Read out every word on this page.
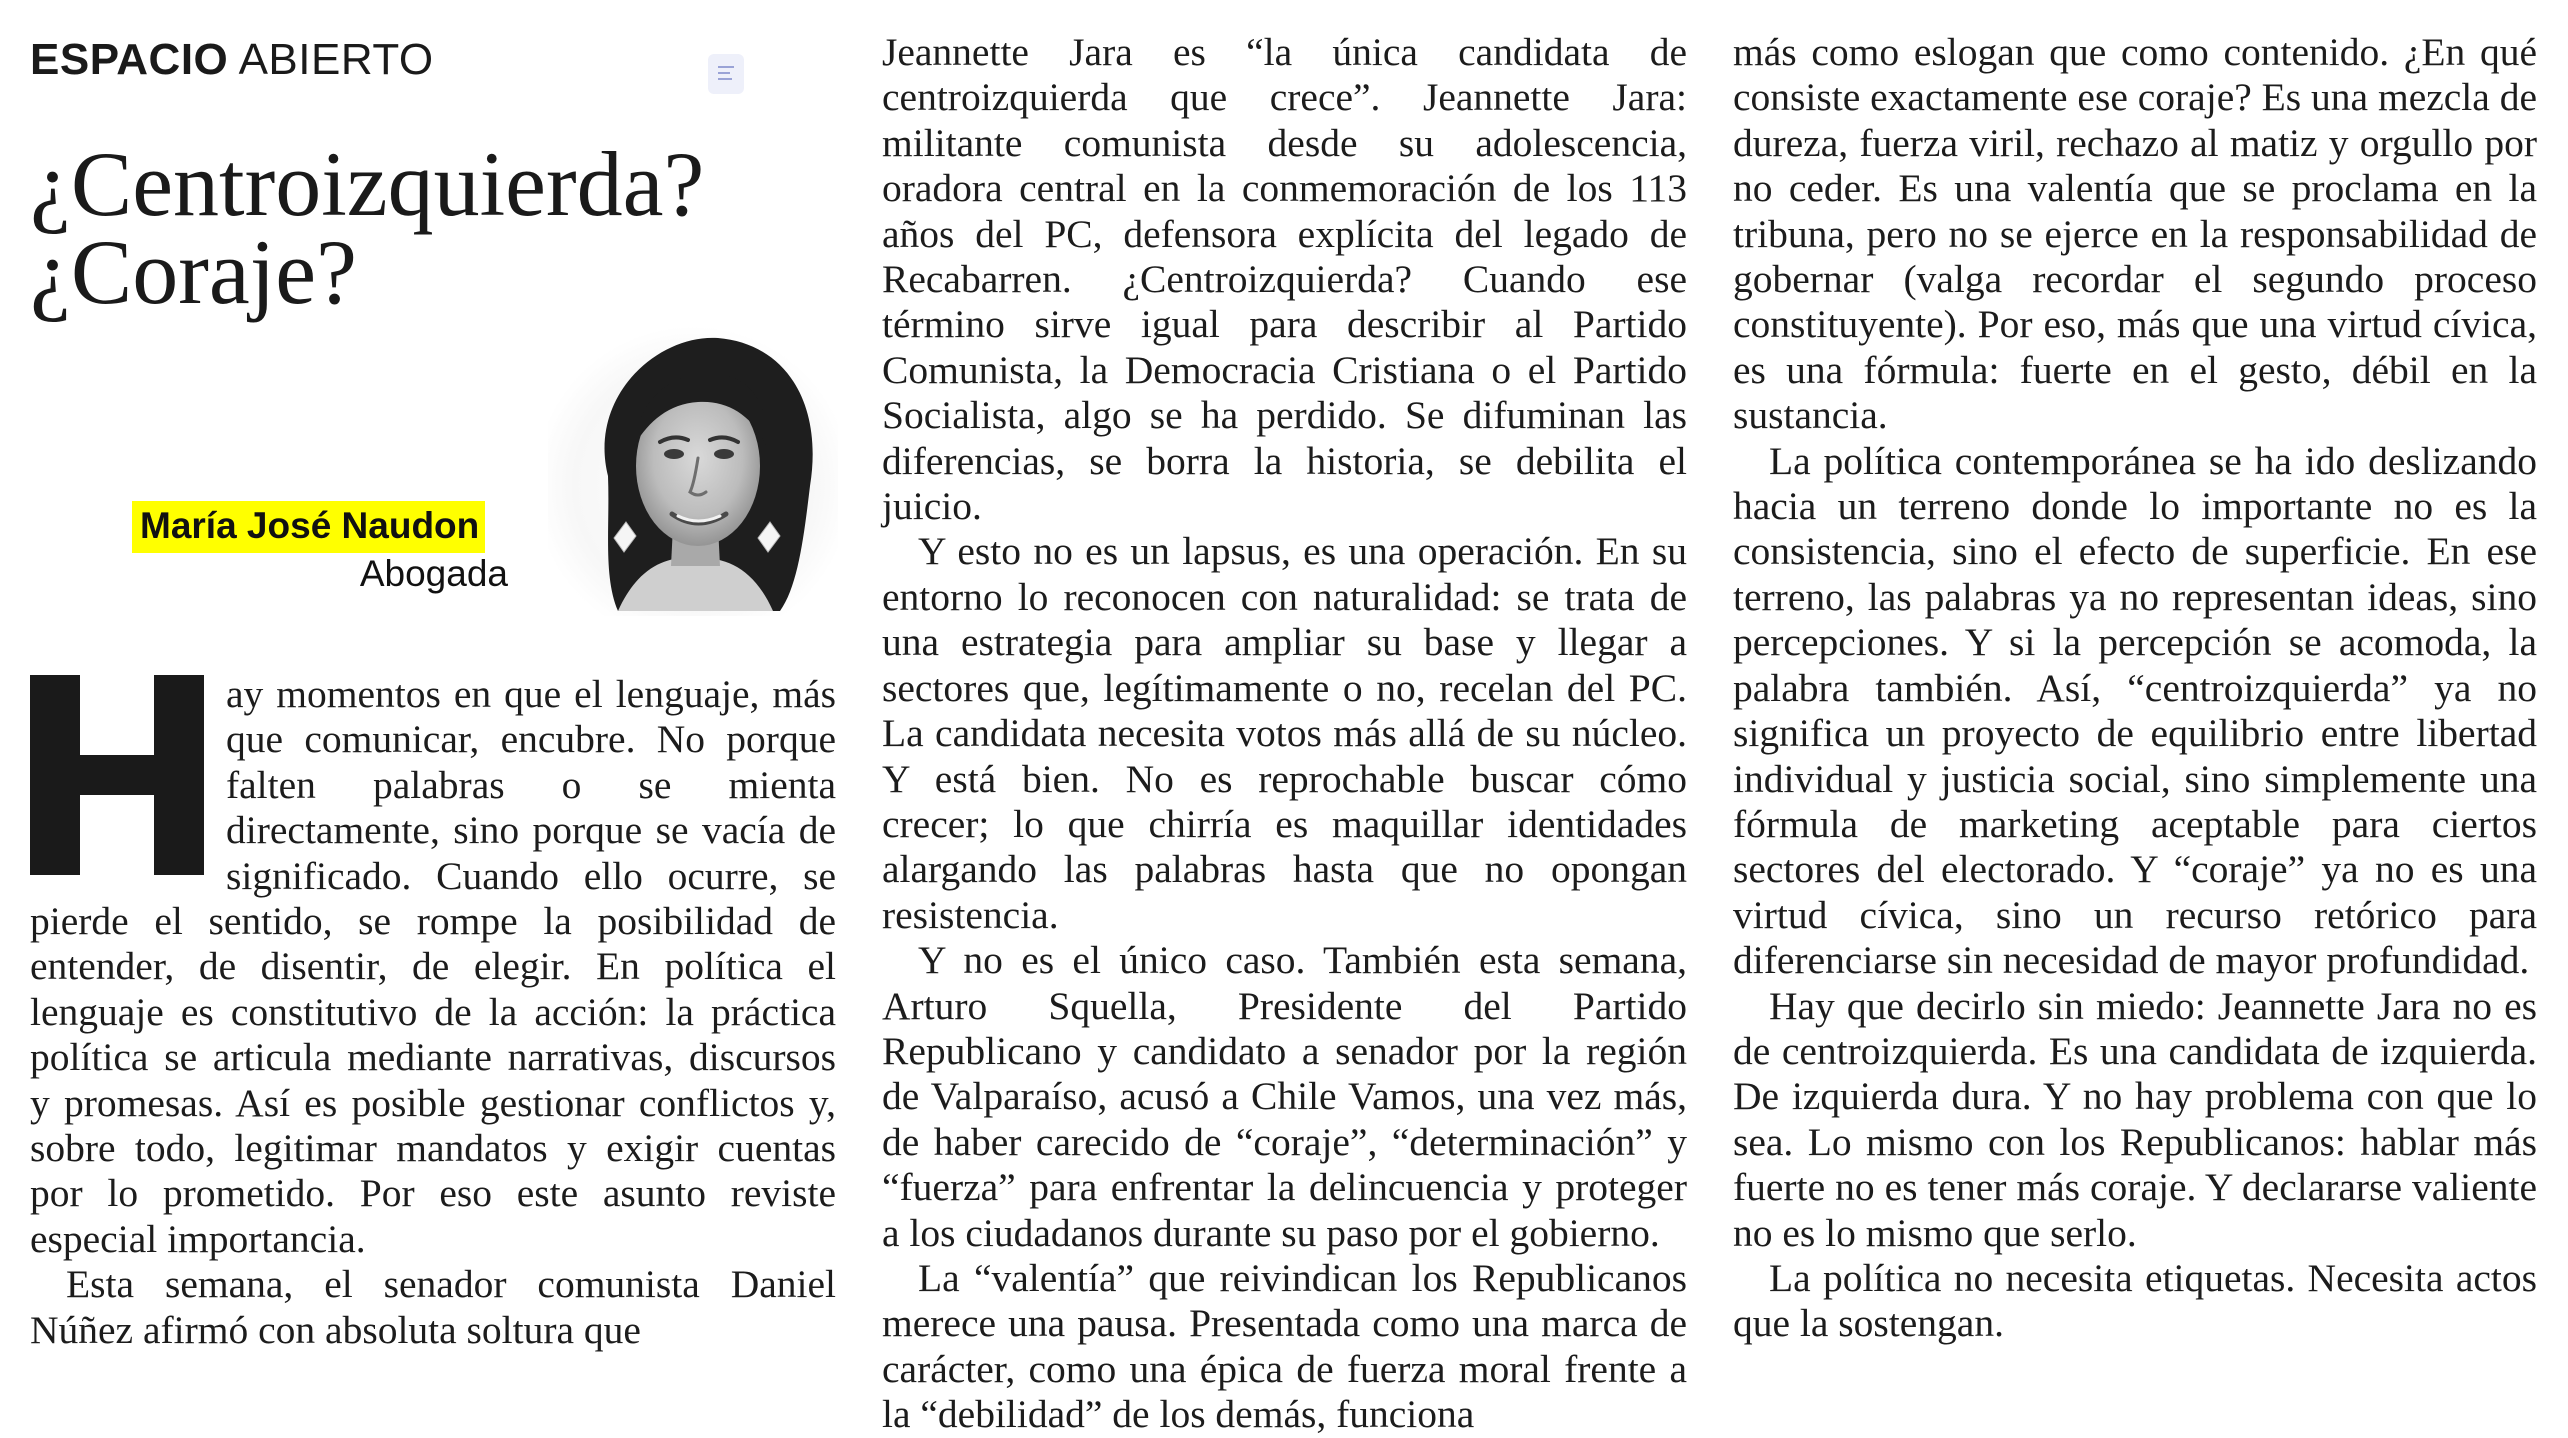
ESPACIO ABIERTO
¿Centroizquierda? ¿Coraje?
María José Naudon
Abogada

ay momentos en que el lenguaje, más que comunicar, encubre. No porque falten palabras o se mienta directamente, sino porque se vacía de significado. Cuando ello ocurre, se pierde el sentido, se rompe la posibilidad de entender, de disentir, de elegir. En política el lenguaje es constitutivo de la acción: la práctica política se articula mediante narrativas, discursos y promesas. Así es posible gestionar conflictos y, sobre todo, legitimar mandatos y exigir cuentas por lo prometido. Por eso este asunto reviste especial importancia.

Esta semana, el senador comunista Daniel Núñez afirmó con absoluta soltura que

Jeannette Jara es “la única candidata de centroizquierda que crece”. Jeannette Jara: militante comunista desde su adolescencia, oradora central en la conmemoración de los 113 años del PC, defensora explícita del legado de Recabarren. ¿Centroizquierda? Cuando ese término sirve igual para describir al Partido Comunista, la Democracia Cristiana o el Partido Socialista, algo se ha perdido. Se difuminan las diferencias, se borra la historia, se debilita el juicio.

Y esto no es un lapsus, es una operación. En su entorno lo reconocen con naturalidad: se trata de una estrategia para ampliar su base y llegar a sectores que, legítimamente o no, recelan del PC. La candidata necesita votos más allá de su núcleo. Y está bien. No es reprochable buscar cómo crecer; lo que chirría es maquillar identidades alargando las palabras hasta que no opongan resistencia.

Y no es el único caso. También esta semana, Arturo Squella, Presidente del Partido Republicano y candidato a senador por la región de Valparaíso, acusó a Chile Vamos, una vez más, de haber carecido de “coraje”, “determinación” y “fuerza” para enfrentar la delincuencia y proteger a los ciudadanos durante su paso por el gobierno.

La “valentía” que reivindican los Republicanos merece una pausa. Presentada como una marca de carácter, como una épica de fuerza moral frente a la “debilidad” de los demás, funciona

más como eslogan que como contenido. ¿En qué consiste exactamente ese coraje? Es una mezcla de dureza, fuerza viril, rechazo al matiz y orgullo por no ceder. Es una valentía que se proclama en la tribuna, pero no se ejerce en la responsabilidad de gobernar (valga recordar el segundo proceso constituyente). Por eso, más que una virtud cívica, es una fórmula: fuerte en el gesto, débil en la sustancia.

La política contemporánea se ha ido deslizando hacia un terreno donde lo importante no es la consistencia, sino el efecto de superficie. En ese terreno, las palabras ya no representan ideas, sino percepciones. Y si la percepción se acomoda, la palabra también. Así, “centroizquierda” ya no significa un proyecto de equilibrio entre libertad individual y justicia social, sino simplemente una fórmula de marketing aceptable para ciertos sectores del electorado. Y “coraje” ya no es una virtud cívica, sino un recurso retórico para diferenciarse sin necesidad de mayor profundidad.

Hay que decirlo sin miedo: Jeannette Jara no es de centroizquierda. Es una candidata de izquierda. De izquierda dura. Y no hay problema con que lo sea. Lo mismo con los Republicanos: hablar más fuerte no es tener más coraje. Y declararse valiente no es lo mismo que serlo.

La política no necesita etiquetas. Necesita actos que la sostengan.
